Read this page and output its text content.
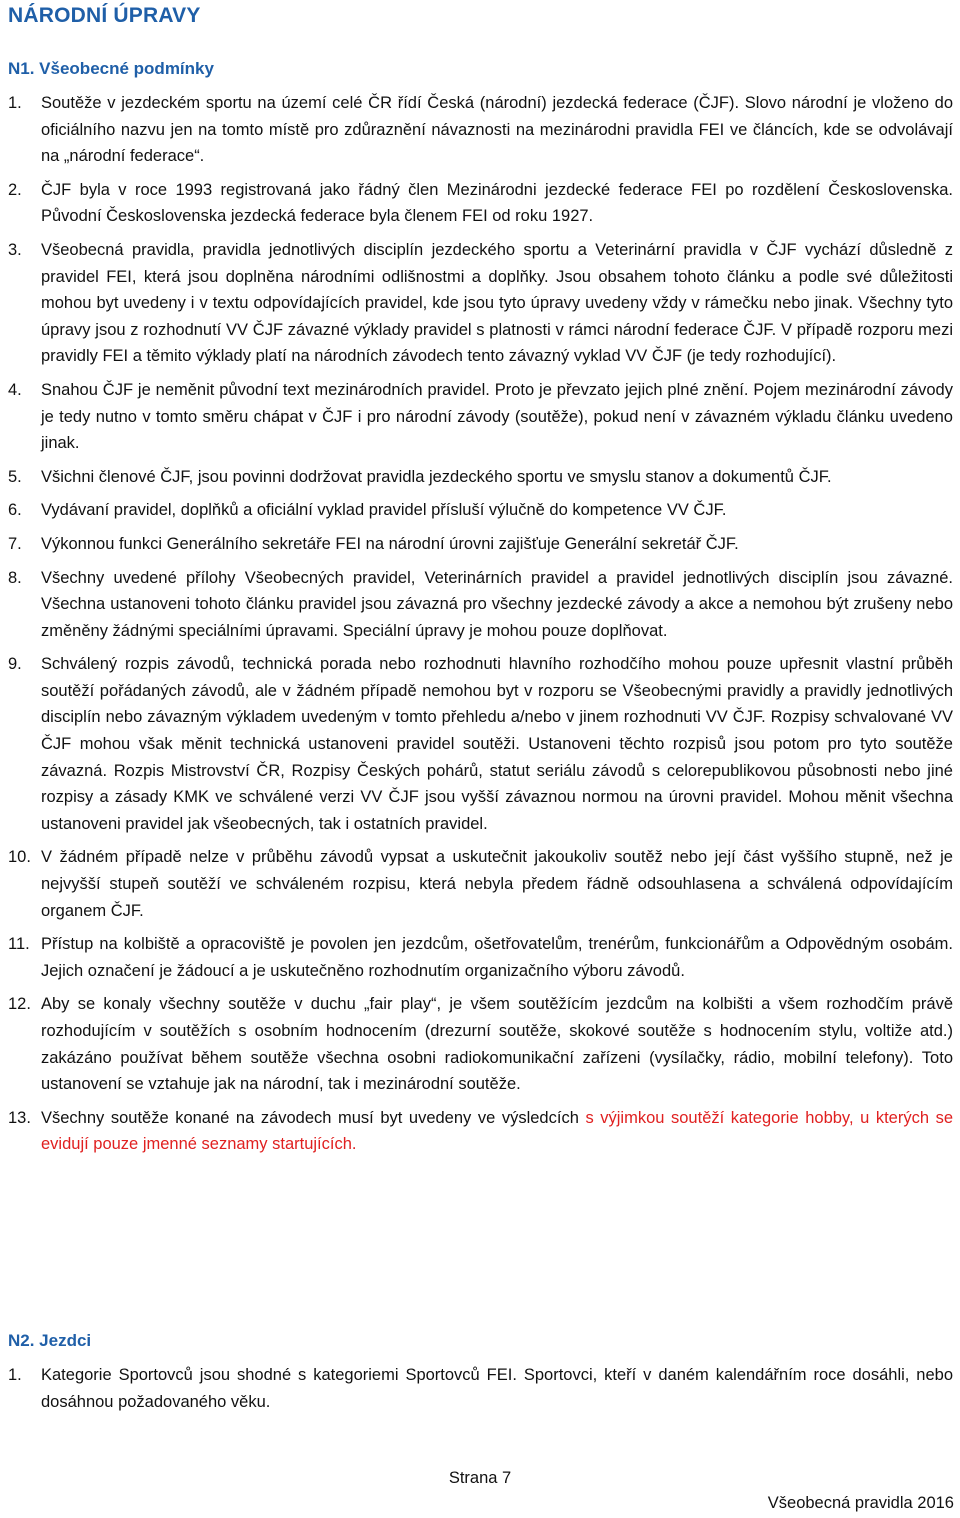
NÁRODNÍ ÚPRAVY
N1. Všeobecné podmínky
1. Soutěže v jezdeckém sportu na území celé ČR řídí Česká (národní) jezdecká federace (ČJF). Slovo národní je vloženo do oficiálního nazvu jen na tomto místě pro zdůraznění návaznosti na mezinárodni pravidla FEI ve článcích, kde se odvolávají na „národní federace“.
2. ČJF byla v roce 1993 registrovaná jako řádný člen Mezinárodni jezdecké federace FEI po rozdělení Československa. Původní Československa jezdecká federace byla členem FEI od roku 1927.
3. Všeobecná pravidla, pravidla jednotlivých disciplín jezdeckého sportu a Veterinární pravidla v ČJF vychází důsledně z pravidel FEI, která jsou doplněna národními odlišnostmi a doplňky. Jsou obsahem tohoto článku a podle své důležitosti mohou byt uvedeny i v textu odpovídajících pravidel, kde jsou tyto úpravy uvedeny vždy v rámečku nebo jinak. Všechny tyto úpravy jsou z rozhodnutí VV ČJF závazné výklady pravidel s platnosti v rámci národní federace ČJF. V případě rozporu mezi pravidly FEI a těmito výklady platí na národních závodech tento závazný vyklad VV ČJF (je tedy rozhodující).
4. Snahou ČJF je neměnit původní text mezinárodních pravidel. Proto je převzato jejich plné znění. Pojem mezinárodní závody je tedy nutno v tomto směru chápat v ČJF i pro národní závody (soutěže), pokud není v závazném výkladu článku uvedeno jinak.
5. Všichni členové ČJF, jsou povinni dodržovat pravidla jezdeckého sportu ve smyslu stanov a dokumentů ČJF.
6. Vydávaní pravidel, doplňků a oficiální vyklad pravidel přísluší výlučně do kompetence VV ČJF.
7. Výkonnou funkci Generálního sekretáře FEI na národní úrovni zajišťuje Generální sekretář ČJF.
8. Všechny uvedené přílohy Všeobecných pravidel, Veterinárních pravidel a pravidel jednotlivých disciplín jsou závazné. Všechna ustanoveni tohoto článku pravidel jsou závazná pro všechny jezdecké závody a akce a nemohou být zrušeny nebo změněny žádnými speciálními úpravami. Speciální úpravy je mohou pouze doplňovat.
9. Schválený rozpis závodů, technická porada nebo rozhodnuti hlavního rozhodčího mohou pouze upřesnit vlastní průběh soutěží pořádaných závodů, ale v žádném případě nemohou byt v rozporu se Všeobecnými pravidly a pravidly jednotlivých disciplín nebo závazným výkladem uvedeným v tomto přehledu a/nebo v jinem rozhodnuti VV ČJF. Rozpisy schvalované VV ČJF mohou však měnit technická ustanoveni pravidel soutěži. Ustanoveni těchto rozpisů jsou potom pro tyto soutěže závazná. Rozpis Mistrovství ČR, Rozpisy Českých pohárů, statut seriálu závodů s celorepublikovou působnosti nebo jiné rozpisy a zásady KMK ve schválené verzi VV ČJF jsou vyšší závaznou normou na úrovni pravidel. Mohou měnit všechna ustanoveni pravidel jak všeobecných, tak i ostatních pravidel.
10. V žádném případě nelze v průběhu závodů vypsat a uskutečnit jakoukoliv soutěž nebo její část vyššího stupně, než je nejvyšší stupeň soutěží ve schváleném rozpisu, která nebyla předem řádně odsouhlasena a schválená odpovídajícím organem ČJF.
11. Přístup na kolbiště a opracoviště je povolen jen jezdcům, ošetřovatelům, trenérům, funkcionářům a Odpovědným osobám. Jejich označení je žádoucí a je uskutečněno rozhodnutím organizačního výboru závodů.
12. Aby se konaly všechny soutěže v duchu „fair play“, je všem soutěžícím jezdcům na kolbišti a všem rozhodčím právě rozhodujícím v soutěžích s osobním hodnocením (drezurní soutěže, skokové soutěže s hodnocením stylu, voltiže atd.) zakázáno používat během soutěže všechna osobni radiokomunikační zařízeni (vysílačky, rádio, mobilní telefony). Toto ustanovení se vztahuje jak na národní, tak i mezinárodní soutěže.
13. Všechny soutěže konané na závodech musí byt uvedeny ve výsledcích s výjimkou soutěží kategorie hobby, u kterých se evidují pouze jmenné seznamy startujících.
N2. Jezdci
1. Kategorie Sportovců jsou shodné s kategoriemi Sportovců FEI. Sportovci, kteří v daném kalendářním roce dosáhli, nebo dosáhnou požadovaného věku.
Strana 7
Všeobecná pravidla 2016
